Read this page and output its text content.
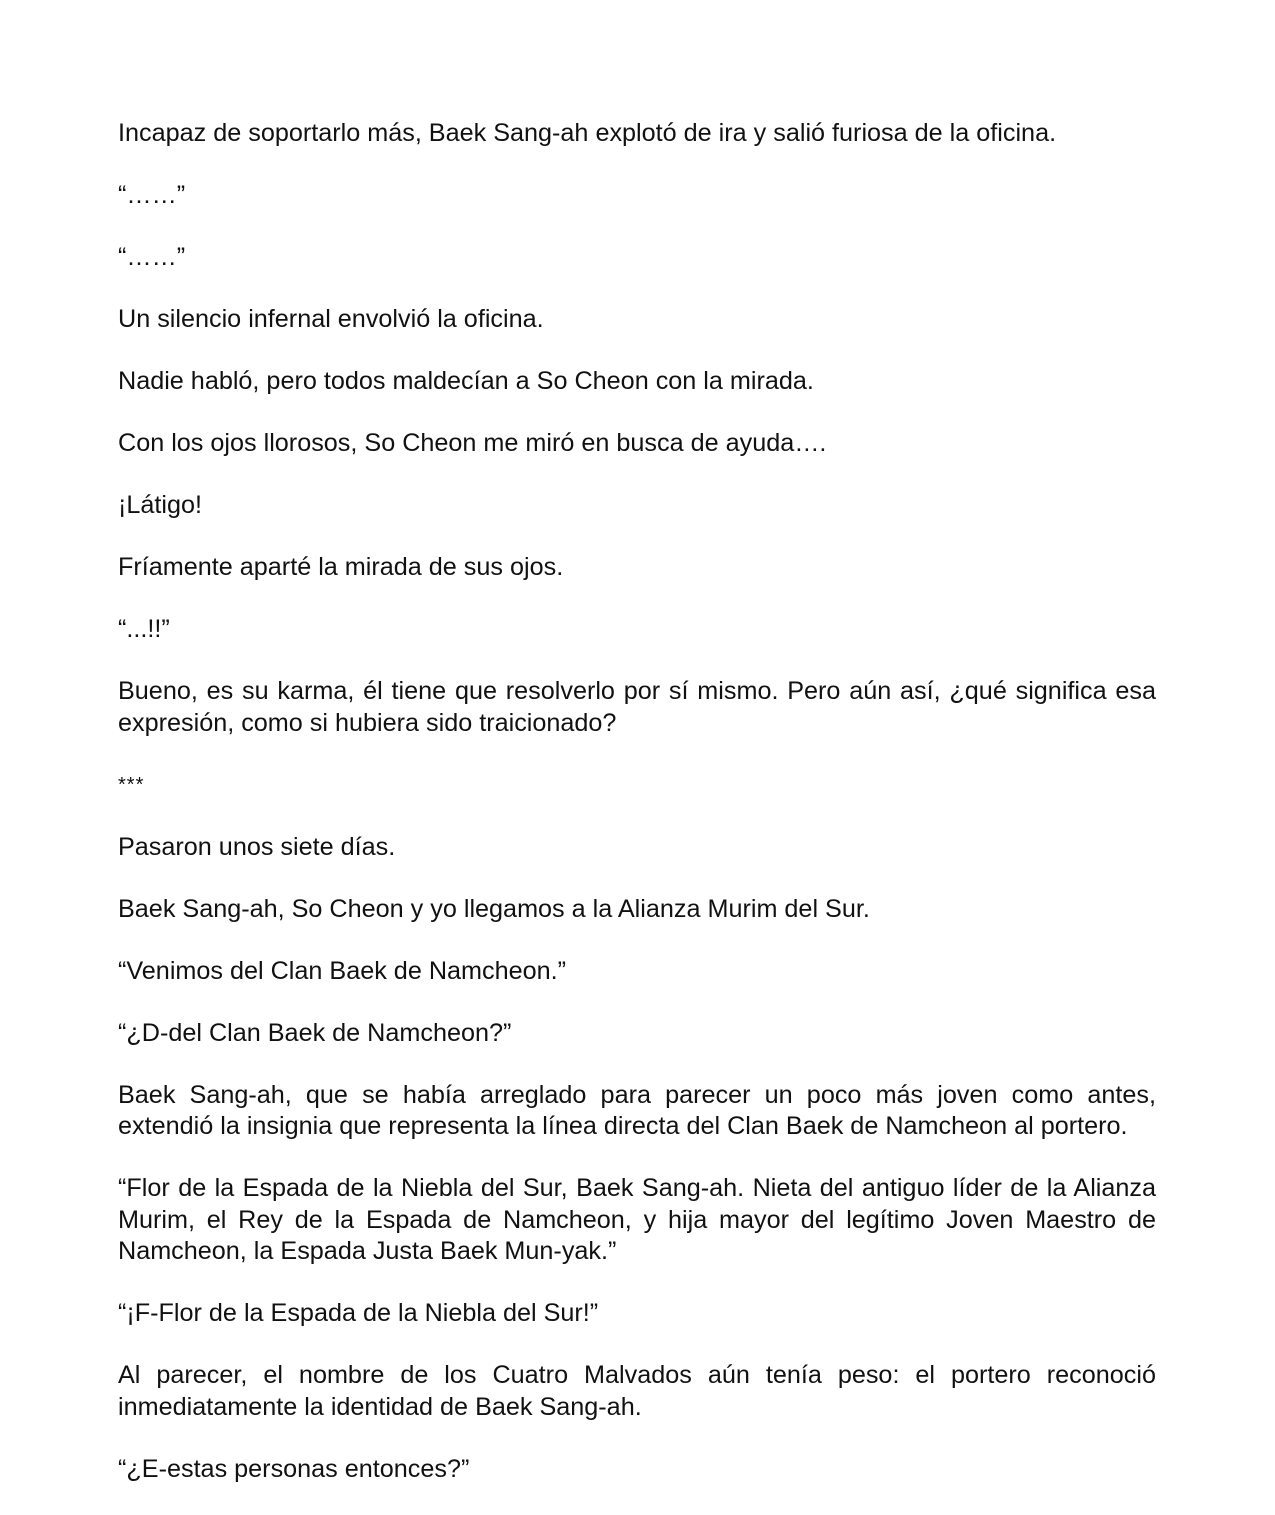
Incapaz de soportarlo más, Baek Sang-ah explotó de ira y salió furiosa de la oficina.

“……”

“……”

Un silencio infernal envolvió la oficina.

Nadie habló, pero todos maldecían a So Cheon con la mirada.

Con los ojos llorosos, So Cheon me miró en busca de ayuda….

¡Látigo!

Fríamente aparté la mirada de sus ojos.

“...!!”

Bueno, es su karma, él tiene que resolverlo por sí mismo. Pero aún así, ¿qué significa esa expresión, como si hubiera sido traicionado?

***

Pasaron unos siete días.

Baek Sang-ah, So Cheon y yo llegamos a la Alianza Murim del Sur.

“Venimos del Clan Baek de Namcheon.”

“¿D-del Clan Baek de Namcheon?”

Baek Sang-ah, que se había arreglado para parecer un poco más joven como antes, extendió la insignia que representa la línea directa del Clan Baek de Namcheon al portero.

“Flor de la Espada de la Niebla del Sur, Baek Sang-ah. Nieta del antiguo líder de la Alianza Murim, el Rey de la Espada de Namcheon, y hija mayor del legítimo Joven Maestro de Namcheon, la Espada Justa Baek Mun-yak.”

“¡F-Flor de la Espada de la Niebla del Sur!”

Al parecer, el nombre de los Cuatro Malvados aún tenía peso: el portero reconoció inmediatamente la identidad de Baek Sang-ah.

“¿E-estas personas entonces?”
